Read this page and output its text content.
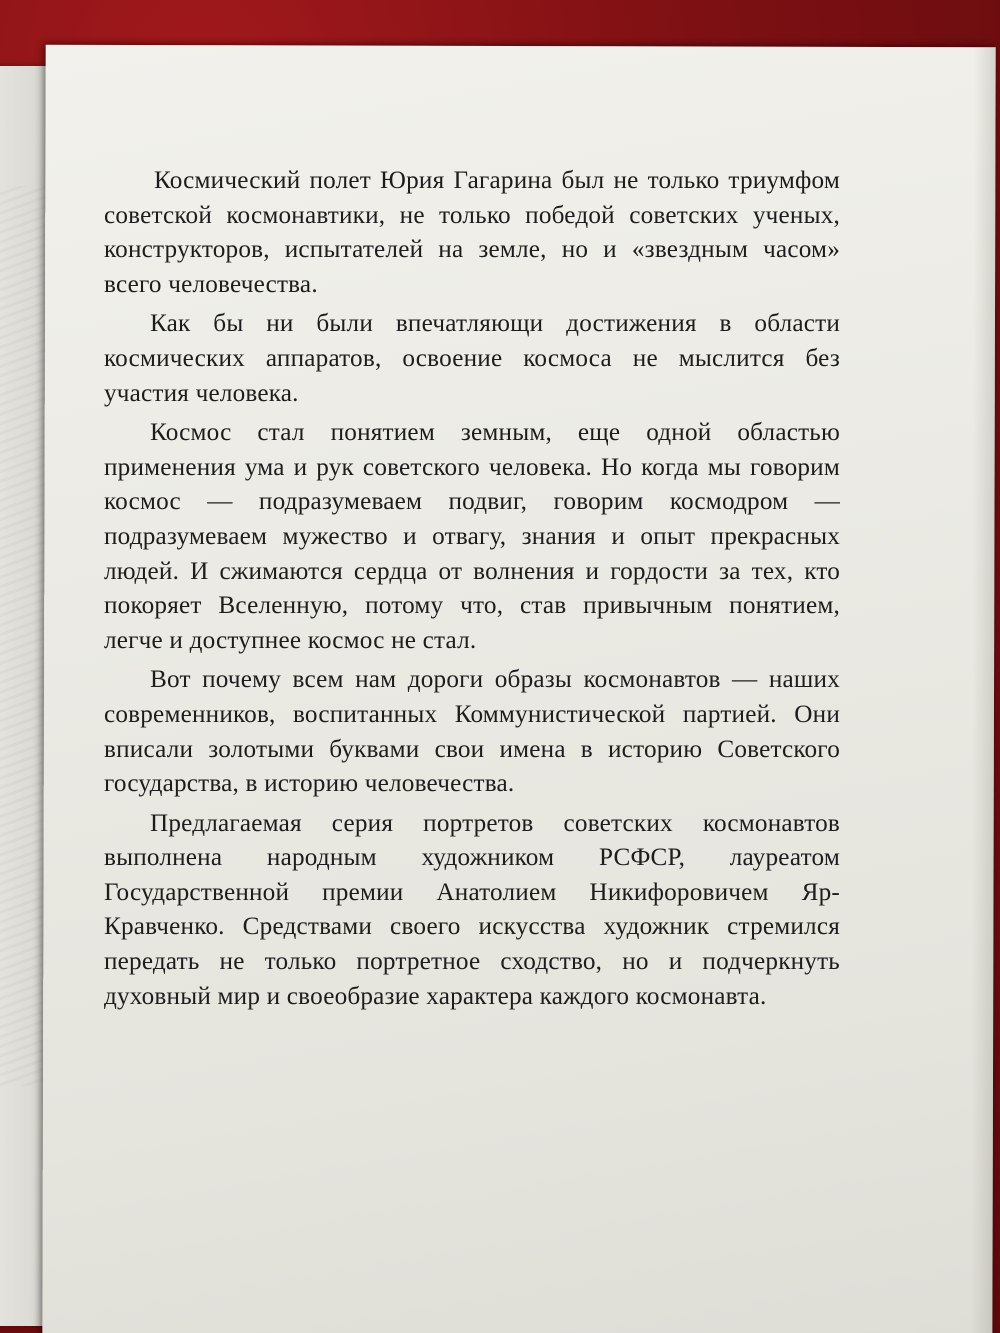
Космический полет Юрия Гагарина был не только триумфом советской космонавтики, не только победой советских ученых, конструкторов, испытателей на земле, но и «звездным часом» всего человечества.

Как бы ни были впечатляющи достижения в области космических аппаратов, освоение космоса не мыслится без участия человека.

Космос стал понятием земным, еще одной областью применения ума и рук советского человека. Но когда мы говорим космос — подразумеваем подвиг, говорим космодром — подразумеваем мужество и отвагу, знания и опыт прекрасных людей. И сжимаются сердца от волнения и гордости за тех, кто покоряет Вселенную, потому что, став привычным понятием, легче и доступнее космос не стал.

Вот почему всем нам дороги образы космонавтов — наших современников, воспитанных Коммунистической партией. Они вписали золотыми буквами свои имена в историю Советского государства, в историю человечества.

Предлагаемая серия портретов советских космонавтов выполнена народным художником РСФСР, лауреатом Государственной премии Анатолием Никифоровичем Яр-Кравченко. Средствами своего искусства художник стремился передать не только портретное сходство, но и подчеркнуть духовный мир и своеобразие характера каждого космонавта.
